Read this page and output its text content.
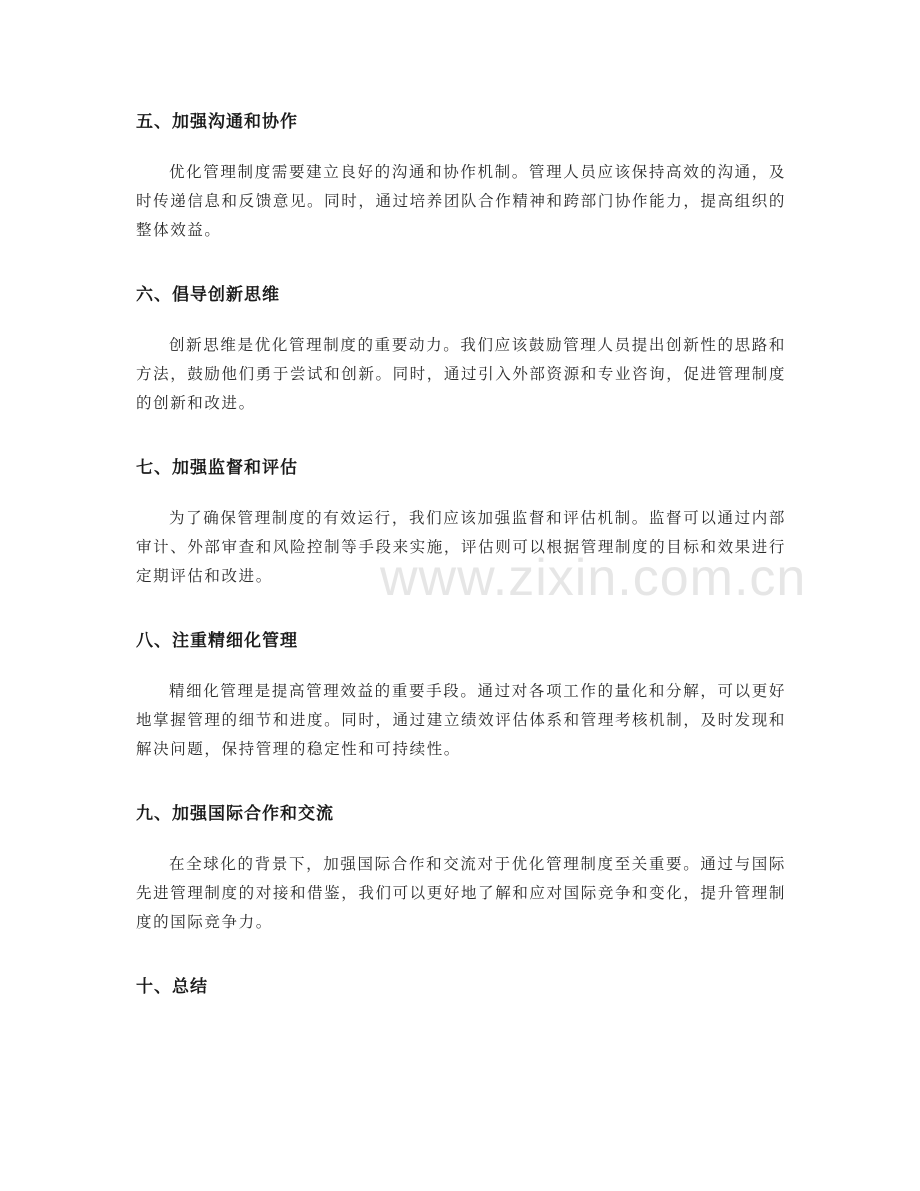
五、加强沟通和协作

优化管理制度需要建立良好的沟通和协作机制。管理人员应该保持高效的沟通，及时传递信息和反馈意见。同时，通过培养团队合作精神和跨部门协作能力，提高组织的整体效益。

六、倡导创新思维

创新思维是优化管理制度的重要动力。我们应该鼓励管理人员提出创新性的思路和方法，鼓励他们勇于尝试和创新。同时，通过引入外部资源和专业咨询，促进管理制度的创新和改进。

七、加强监督和评估

为了确保管理制度的有效运行，我们应该加强监督和评估机制。监督可以通过内部审计、外部审查和风险控制等手段来实施，评估则可以根据管理制度的目标和效果进行定期评估和改进。

八、注重精细化管理

精细化管理是提高管理效益的重要手段。通过对各项工作的量化和分解，可以更好地掌握管理的细节和进度。同时，通过建立绩效评估体系和管理考核机制，及时发现和解决问题，保持管理的稳定性和可持续性。

九、加强国际合作和交流

在全球化的背景下，加强国际合作和交流对于优化管理制度至关重要。通过与国际先进管理制度的对接和借鉴，我们可以更好地了解和应对国际竞争和变化，提升管理制度的国际竞争力。

十、总结
www.zixin.com.cn
